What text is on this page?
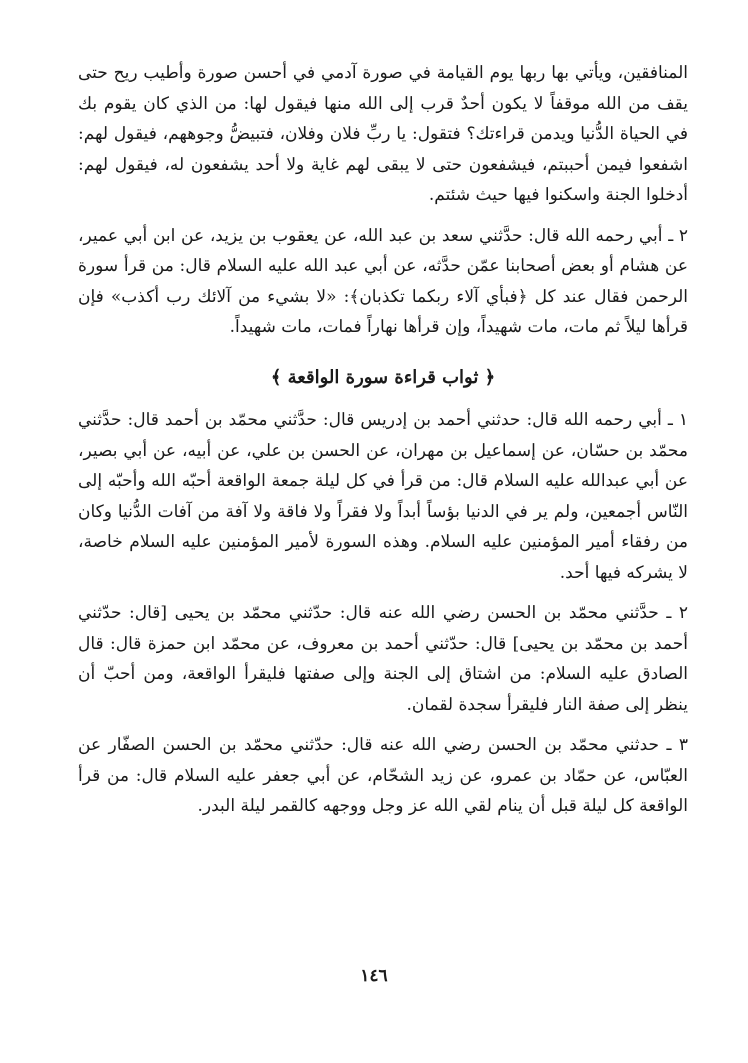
المنافقين، ويأتي بها ربها يوم القيامة في صورة آدمي في أحسن صورة وأطيب ريح حتى يقف من الله موقفاً لا يكون أحدٌ قرب إلى الله منها فيقول لها: من الذي كان يقوم بك في الحياة الدُّنيا ويدمن قراءتك؟ فتقول: يا ربِّ فلان وفلان، فتبيضُّ وجوههم، فيقول لهم: اشفعوا فيمن أحببتم، فيشفعون حتى لا يبقى لهم غاية ولا أحد يشفعون له، فيقول لهم: أدخلوا الجنة واسكنوا فيها حيث شئتم.

٢ ـ أبي رحمه الله قال: حدَّثني سعد بن عبد الله، عن يعقوب بن يزيد، عن ابن أبي عمير، عن هشام أو بعض أصحابنا عمّن حدَّثه، عن أبي عبد الله عليه السلام قال: من قرأ سورة الرحمن فقال عند كل ﴿فبأي آلاء ربكما تكذبان﴾: «لا بشيء من آلائك رب أكذب» فإن قرأها ليلاً ثم مات، مات شهيداً، وإن قرأها نهاراً فمات، مات شهيداً.

﴿ ثواب قراءة سورة الواقعة ﴾

١ ـ أبي رحمه الله قال: حدثني أحمد بن إدريس قال: حدَّثني محمّد بن أحمد قال: حدَّثني محمّد بن حسّان، عن إسماعيل بن مهران، عن الحسن بن علي، عن أبيه، عن أبي بصير، عن أبي عبدالله عليه السلام قال: من قرأ في كل ليلة جمعة الواقعة أحبّه الله وأحبّه إلى النّاس أجمعين، ولم ير في الدنيا بؤساً أبداً ولا فقراً ولا فاقة ولا آفة من آفات الدُّنيا وكان من رفقاء أمير المؤمنين عليه السلام. وهذه السورة لأمير المؤمنين عليه السلام خاصة، لا يشركه فيها أحد.

٢ ـ حدَّثني محمّد بن الحسن رضي الله عنه قال: حدّثني محمّد بن يحيى [قال: حدّثني أحمد بن محمّد بن يحيى] قال: حدّثني أحمد بن معروف، عن محمّد ابن حمزة قال: قال الصادق عليه السلام: من اشتاق إلى الجنة وإلى صفتها فليقرأ الواقعة، ومن أحبّ أن ينظر إلى صفة النار فليقرأ سجدة لقمان.

٣ ـ حدثني محمّد بن الحسن رضي الله عنه قال: حدّثني محمّد بن الحسن الصفّار عن العبّاس، عن حمّاد بن عمرو، عن زيد الشحّام، عن أبي جعفر عليه السلام قال: من قرأ الواقعة كل ليلة قبل أن ينام لقي الله عز وجل ووجهه كالقمر ليلة البدر.

١٤٦
